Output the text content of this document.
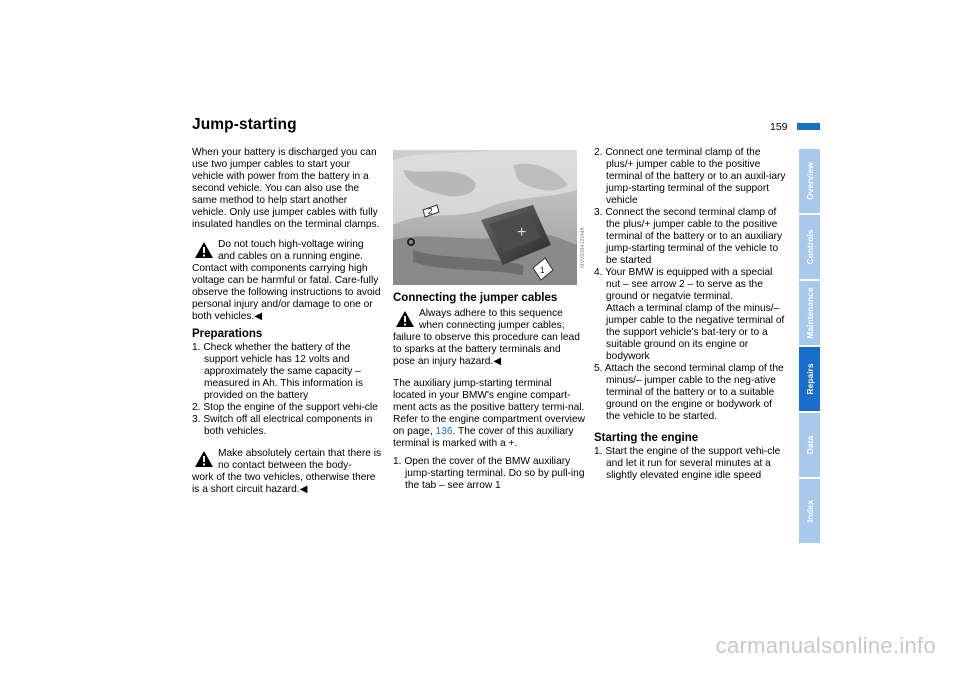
Jump-starting	159

When your battery is discharged you can use two jumper cables to start your vehicle with power from the battery in a second vehicle. You can also use the same method to help start another vehicle. Only use jumper cables with fully insulated handles on the terminal clamps.

Do not touch high-voltage wiring and cables on a running engine.

Contact with components carrying high voltage can be harmful or fatal. Care-fully observe the following instructions to avoid personal injury and/or damage to one or both vehicles.◀

Preparations

1. Check whether the battery of the support vehicle has 12 volts and approximately the same capacity – measured in Ah. This information is provided on the battery

2. Stop the engine of the support vehi-cle

3. Switch off all electrical components in both vehicles.

Make absolutely certain that there is no contact between the body-

work of the two vehicles, otherwise there is a short circuit hazard.◀

+
2
1
MV05084120MA
Connecting the jumper cables

Always adhere to this sequence when connecting jumper cables;

failure to observe this procedure can lead to sparks at the battery terminals and pose an injury hazard.◀

The auxiliary jump-starting terminal located in your BMW's engine compart-ment acts as the positive battery termi-nal. Refer to the engine compartment overview on page, 136. The cover of this auxiliary terminal is marked with a +.

1. Open the cover of the BMW auxiliary jump-starting terminal. Do so by pull-ing the tab – see arrow 1

2. Connect one terminal clamp of the plus/+ jumper cable to the positive terminal of the battery or to an auxil-iary jump-starting terminal of the support vehicle

3. Connect the second terminal clamp of the plus/+ jumper cable to the positive terminal of the battery or to an auxiliary jump-starting terminal of the vehicle to be started

4. Your BMW is equipped with a special nut – see arrow 2 – to serve as the ground or negatvie terminal.

Attach a terminal clamp of the minus/– jumper cable to the negative terminal of the support vehicle's bat-tery or to a suitable ground on its engine or bodywork

5. Attach the second terminal clamp of the minus/– jumper cable to the neg-ative terminal of the battery or to a suitable ground on the engine or bodywork of the vehicle to be started.

Starting the engine

1. Start the engine of the support vehi-cle and let it run for several minutes at a slightly elevated engine idle speed

Overview
Controls
Maintenance
Repairs
Data
Index
carmanualsonline.info
